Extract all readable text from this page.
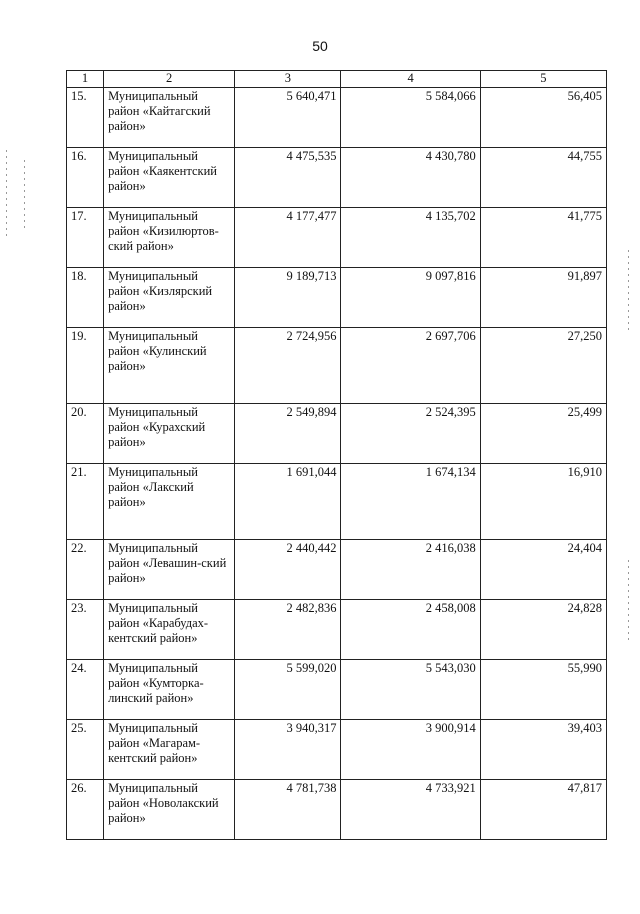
50
1	2	3	4	5
15.	Муниципальный район «Кайтагский район»	5 640,471	5 584,066	56,405
16.	Муниципальный район «Каякентский район»	4 475,535	4 430,780	44,755
17.	Муниципальный район «Кизилюртов-ский район»	4 177,477	4 135,702	41,775
18.	Муниципальный район «Кизлярский район»	9 189,713	9 097,816	91,897
19.	Муниципальный район «Кулинский район»	2 724,956	2 697,706	27,250
20.	Муниципальный район «Курахский район»	2 549,894	2 524,395	25,499
21.	Муниципальный район «Лакский район»	1 691,044	1 674,134	16,910
22.	Муниципальный район «Левашин-ский район»	2 440,442	2 416,038	24,404
23.	Муниципальный район «Карабудах-кентский район»	2 482,836	2 458,008	24,828
24.	Муниципальный район «Кумторка-линский район»	5 599,020	5 543,030	55,990
25.	Муниципальный район «Магарам-кентский район»	3 940,317	3 900,914	39,403
26.	Муниципальный район «Новолакский район»	4 781,738	4 733,921	47,817
